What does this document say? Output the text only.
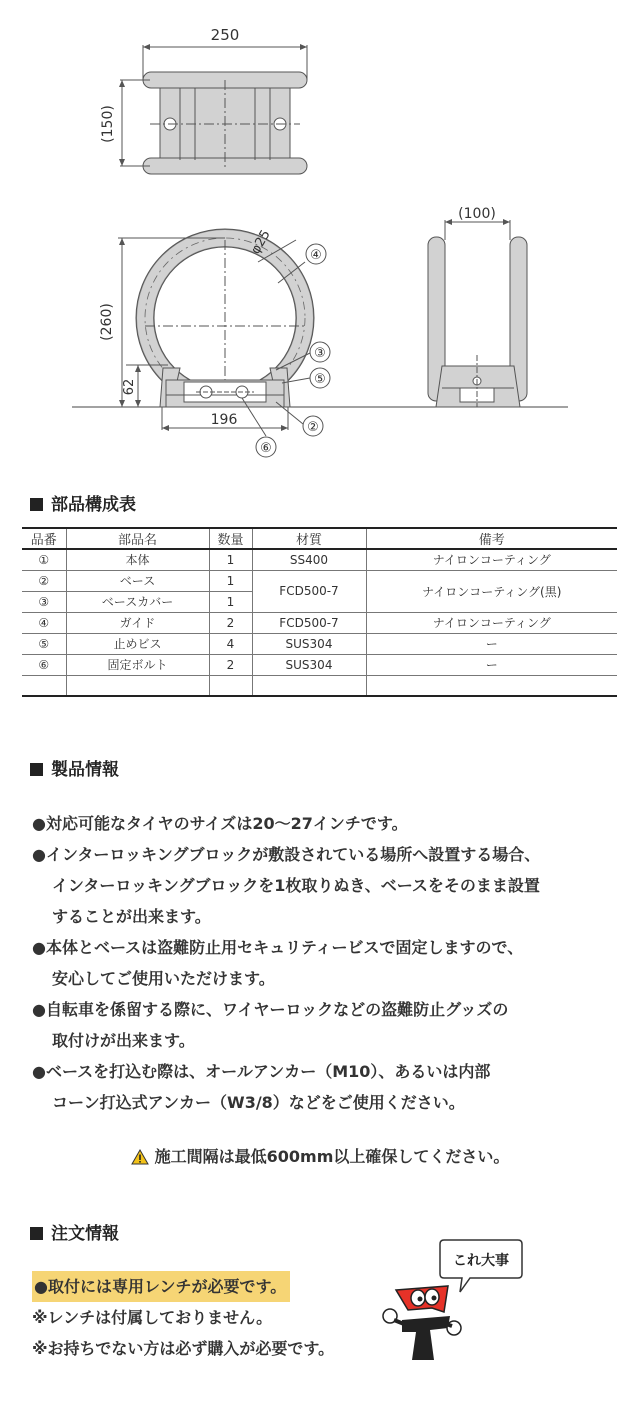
250
(150)
(260)
62
196
φ25	④
③
⑤
②
⑥
(100)
部品構成表
品番	部品名	数量	材質	備考
①	本体	1	SS400	ナイロンコーティング
②	ベース	1	FCD500-7	ナイロンコーティング(黒)
③	ベースカバー	1		
④	ガイド	2	FCD500-7	ナイロンコーティング
⑤	止めビス	4	SUS304	ー
⑥	固定ボルト	2	SUS304	ー

製品情報

●対応可能なタイヤのサイズは20〜27インチです。

●インターロッキングブロックが敷設されている場所へ設置する場合、

インターロッキングブロックを1枚取りぬき、ベースをそのまま設置

することが出来ます。

●本体とベースは盗難防止用セキュリティービスで固定しますので、

安心してご使用いただけます。

●自転車を係留する際に、ワイヤーロックなどの盗難防止グッズの

取付けが出来ます。

●ベースを打込む際は、オールアンカー（M10）、あるいは内部

コーン打込式アンカー（W3/8）などをご使用ください。

施工間隔は最低600mm以上確保してください。
注文情報

●取付には専用レンチが必要です。

※レンチは付属しておりません。

※お持ちでない方は必ず購入が必要です。

これ大事
